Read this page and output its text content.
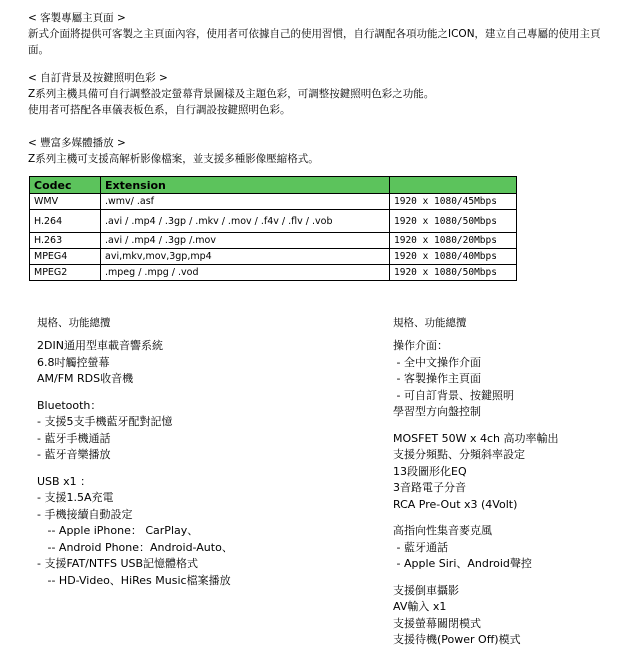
< 客製專屬主頁面 >
新式介面將提供可客製之主頁面內容，使用者可依據自己的使用習慣，自行調配各項功能之ICON，建立自己專屬的使用主頁面。
< 自訂背景及按鍵照明色彩 >
Z系列主機具備可自行調整設定螢幕背景圖樣及主題色彩，可調整按鍵照明色彩之功能。
使用者可搭配各車儀表板色系，自行調設按鍵照明色彩。
< 豐富多媒體播放 >
Z系列主機可支援高解析影像檔案，並支援多種影像壓縮格式。
Codec	Extension	
WMV	.wmv/ .asf	1920 x 1080/45Mbps
H.264	.avi / .mp4 / .3gp / .mkv / .mov / .f4v / .flv / .vob	1920 x 1080/50Mbps
H.263	.avi / .mp4 / .3gp /.mov	1920 x 1080/20Mbps
MPEG4	avi,mkv,mov,3gp,mp4	1920 x 1080/40Mbps
MPEG2	.mpeg / .mpg / .vod	1920 x 1080/50Mbps
規格、功能總攬
2DIN通用型車載音響系統
6.8吋觸控螢幕
AM/FM RDS收音機
Bluetooth：
- 支援5支手機藍牙配對記憶
- 藍牙手機通話
- 藍牙音樂播放
USB x1 ：
- 支援1.5A充電
- 手機接續自動設定
-- Apple iPhone： CarPlay、
-- Android Phone：Android-Auto、
- 支援FAT/NTFS USB記憶體格式
-- HD-Video、HiRes Music檔案播放
規格、功能總攬
操作介面：
- 全中文操作介面
- 客製操作主頁面
- 可自訂背景、按鍵照明
學習型方向盤控制
MOSFET 50W x 4ch 高功率輸出
支援分頻點、分頻斜率設定
13段圖形化EQ
3音路電子分音
RCA Pre-Out x3 (4Volt)
高指向性集音麥克風
- 藍牙通話
- Apple Siri、Android聲控
支援倒車攝影
AV輸入 x1
支援螢幕關閉模式
支援待機(Power Off)模式
